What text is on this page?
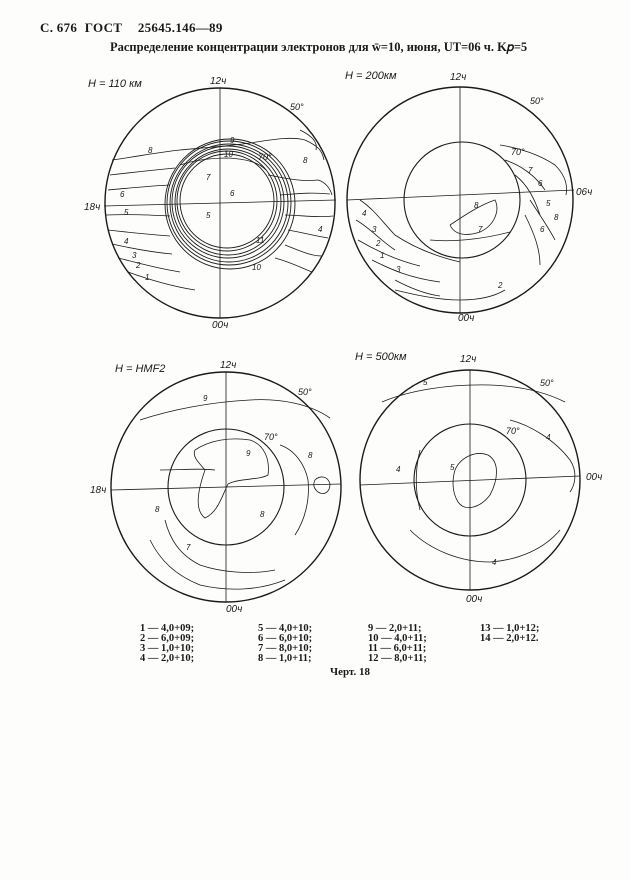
С. 676 ГОСТ 25645.146—89
Распределение концентрации электронов для w̄=10, июня, UT=06 ч. K𝑝=5
8
9
10
7
6
5
4
3
2
1
8
6
5
4
11
10
7
8	5
6
4
3
2
1
8
7	6
3
2
9
9
8
8
7
8
5
4
5
4
4
H = 110 км	12ч
00ч
18ч
50°
70°
H = 200км	12ч
00ч
06ч
50°
70°
H = HMF2	12ч
00ч
18ч
50°
70°
H = 500км	12ч
00ч
00ч
50°
70°
1 — 4,0+09;
2 — 6,0+09;
3 — 1,0+10;
4 — 2,0+10;
5 — 4,0+10;
6 — 6,0+10;
7 — 8,0+10;
8 — 1,0+11;
9 — 2,0+11;
10 — 4,0+11;
11 — 6,0+11;
12 — 8,0+11;
13 — 1,0+12;
14 — 2,0+12.
Черт. 18
